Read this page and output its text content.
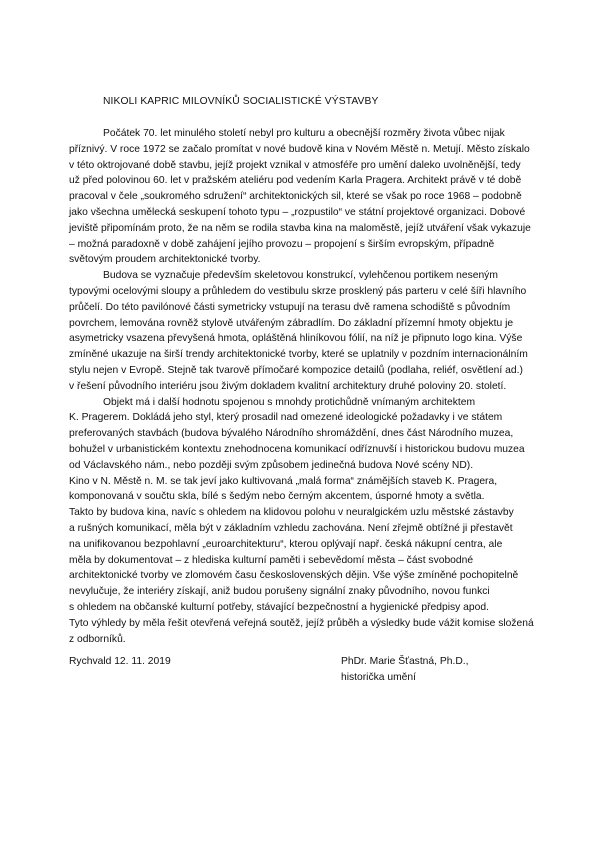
NIKOLI KAPRIC MILOVNÍKŮ SOCIALISTICKÉ VÝSTAVBY
Počátek 70. let minulého století nebyl pro kulturu a obecnější rozměry života vůbec nijak
příznivý. V roce 1972 se začalo promítat v nové budově kina v Novém Městě n. Metují. Město získalo
v této oktrojované době stavbu, jejíž projekt vznikal v atmosféře pro umění daleko uvolněnější, tedy
už před polovinou 60. let v pražském ateliéru pod vedením Karla Pragera. Architekt právě v té době
pracoval v čele „soukromého sdružení“ architektonických sil, které se však po roce 1968 – podobně
jako všechna umělecká seskupení tohoto typu – „rozpustilo“ ve státní projektové organizaci. Dobové
jeviště připomínám proto, že na něm se rodila stavba kina na maloměstě, jejíž utváření však vykazuje
– možná paradoxně v době zahájení jejího provozu – propojení s širším evropským, případně
světovým proudem architektonické tvorby.
Budova se vyznačuje především skeletovou konstrukcí, vylehčenou portikem neseným
typovými ocelovými sloupy a průhledem do vestibulu skrze prosklený pás parteru v celé šíři hlavního
průčelí. Do této pavilónové části symetricky vstupují na terasu dvě ramena schodiště s původním
povrchem, lemována rovněž stylově utvářeným zábradlím. Do základní přízemní hmoty objektu je
asymetricky vsazena převyšená hmota, opláštěná hliníkovou fólií, na níž je připnuto logo kina. Výše
zmíněné ukazuje na širší trendy architektonické tvorby, které se uplatnily v pozdním internacionálním
stylu nejen v Evropě. Stejně tak tvarově přímočaré kompozice detailů (podlaha, reliéf, osvětlení ad.)
v řešení původního interiéru jsou živým dokladem kvalitní architektury druhé poloviny 20. století.
Objekt má i další hodnotu spojenou s mnohdy protichůdně vnímaným architektem
K. Pragerem. Dokládá jeho styl, který prosadil nad omezené ideologické požadavky i ve státem
preferovaných stavbách (budova bývalého Národního shromáždění, dnes část Národního muzea,
bohužel v urbanistickém kontextu znehodnocena komunikací odříznuvší i historickou budovu muzea
od Václavského nám., nebo později svým způsobem jedinečná budova Nové scény ND).
Kino v N. Městě n. M. se tak jeví jako kultivovaná „malá forma“ známějších staveb K. Pragera,
komponovaná v součtu skla, bílé s šedým nebo černým akcentem, úsporné hmoty a světla.
Takto by budova kina, navíc s ohledem na klidovou polohu v neuralgickém uzlu městské zástavby
a rušných komunikací, měla být v základním vzhledu zachována. Není zřejmě obtížné ji přestavět
na unifikovanou bezpohlavní „euroarchitekturu“, kterou oplývají např. česká nákupní centra, ale
měla by dokumentovat – z hlediska kulturní paměti i sebevědomí města – část svobodné
architektonické tvorby ve zlomovém času československých dějin. Vše výše zmíněné pochopitelně
nevylučuje, že interiéry získají, aniž budou porušeny signální znaky původního, novou funkci
s ohledem na občanské kulturní potřeby, stávající bezpečnostní a hygienické předpisy apod.
Tyto výhledy by měla řešit otevřená veřejná soutěž, jejíž průběh a výsledky bude vážit komise složená
z odborníků.
Rychvald 12. 11. 2019	PhDr. Marie Šťastná, Ph.D.,
historička umění
